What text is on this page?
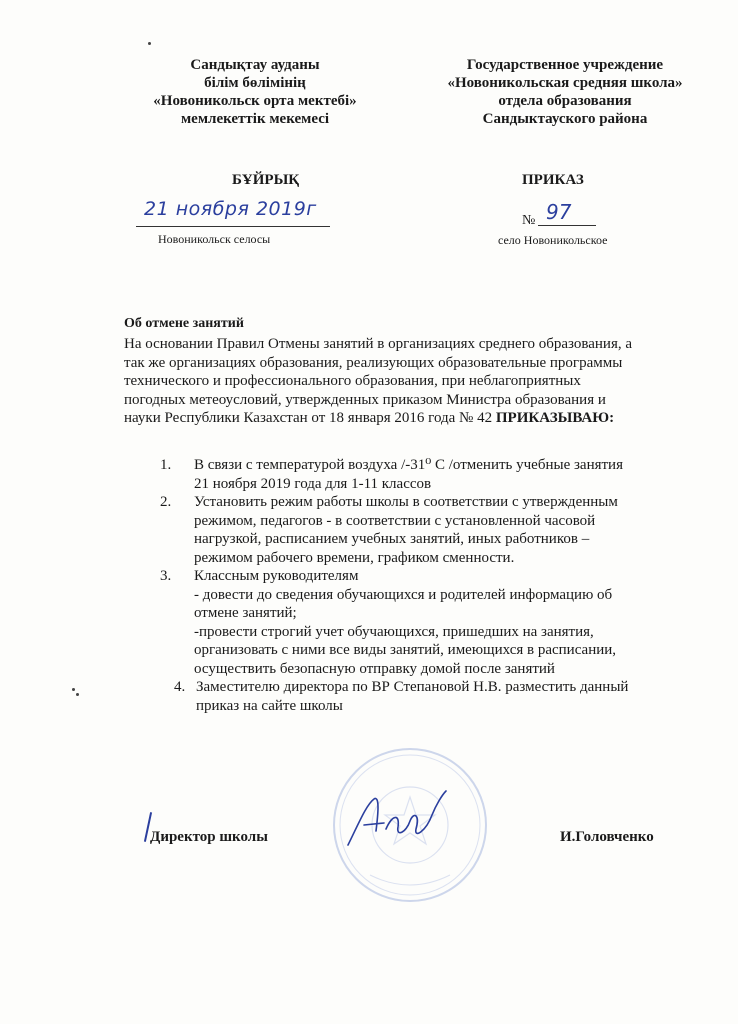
Сандықтау ауданы
білім бөлімінің
«Новоникольск орта мектебі»
мемлекеттік мекемесі
Государственное учреждение
«Новоникольская средняя школа»
отдела образования
Сандыктауского района
БҰЙРЫҚ	ПРИКАЗ
21 ноября 2019г
Новоникольск селосы
№ 97
село Новоникольское
Об отмене занятий

На основании Правил Отмены занятий в организациях среднего образования, а

так же организациях образования, реализующих образовательные программы

технического и профессионального образования, при неблагоприятных

погодных метеоусловий, утвержденных приказом Министра образования и

науки Республики Казахстан от 18 января 2016 года № 42 ПРИКАЗЫВАЮ:

1. В связи с температурой воздуха /-31⁰ С /отменить учебные занятия

21 ноября 2019 года для 1-11 классов

2. Установить режим работы школы в соответствии с утвержденным

режимом, педагогов - в соответствии с установленной часовой

нагрузкой, расписанием учебных занятий, иных работников –

режимом рабочего времени, графиком сменности.

3. Классным руководителям

- довести до сведения обучающихся и родителей информацию об

отмене занятий;

-провести строгий учет обучающихся, пришедших на занятия,

организовать с ними все виды занятий, имеющихся в расписании,

осуществить безопасную отправку домой после занятий

4. Заместителю директора по ВР Степановой Н.В. разместить данный

приказ на сайте школы

Директор школы	И.Головченко
